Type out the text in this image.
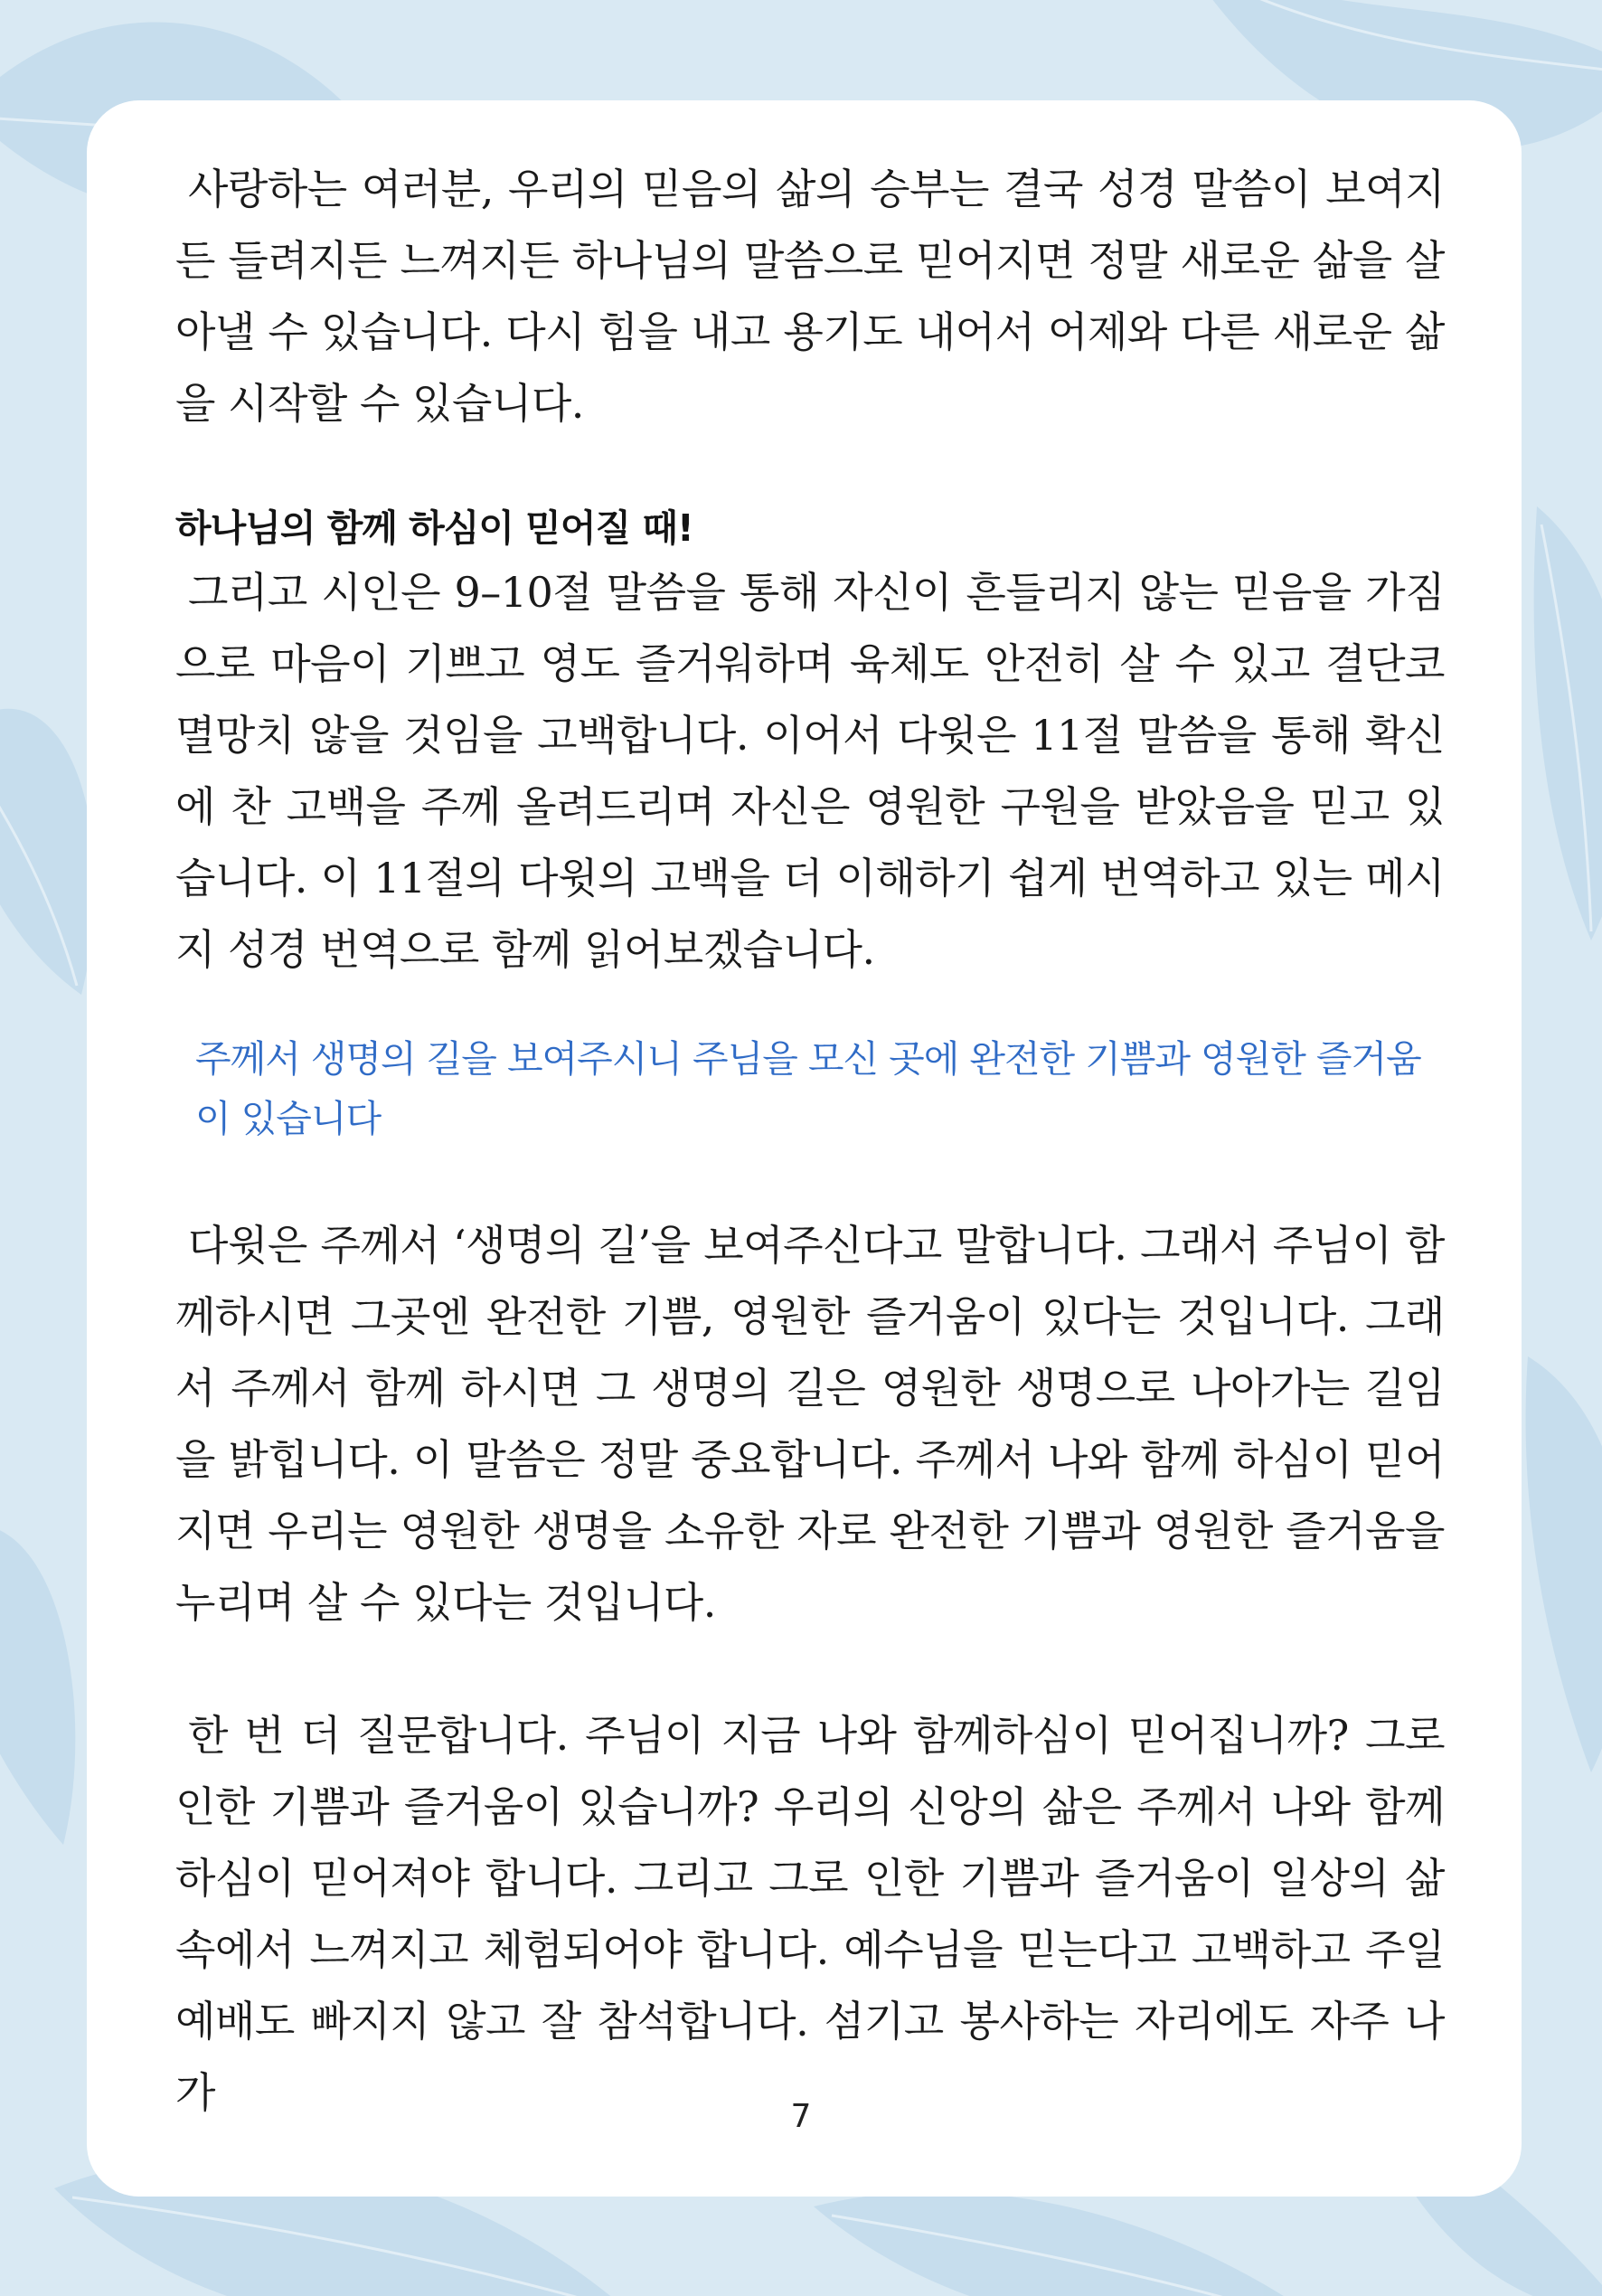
사랑하는 여러분, 우리의 믿음의 삶의 승부는 결국 성경 말씀이 보여지든 들려지든 느껴지든 하나님의 말씀으로 믿어지면 정말 새로운 삶을 살아낼 수 있습니다. 다시 힘을 내고 용기도 내어서 어제와 다른 새로운 삶을 시작할 수 있습니다.

하나님의 함께 하심이 믿어질 때!

그리고 시인은 9–10절 말씀을 통해 자신이 흔들리지 않는 믿음을 가짐으로 마음이 기쁘고 영도 즐거워하며 육체도 안전히 살 수 있고 결단코 멸망치 않을 것임을 고백합니다. 이어서 다윗은 11절 말씀을 통해 확신에 찬 고백을 주께 올려드리며 자신은 영원한 구원을 받았음을 믿고 있습니다. 이 11절의 다윗의 고백을 더 이해하기 쉽게 번역하고 있는 메시지 성경 번역으로 함께 읽어보겠습니다.

주께서 생명의 길을 보여주시니 주님을 모신 곳에 완전한 기쁨과 영원한 즐거움이 있습니다

다윗은 주께서 ‘생명의 길’을 보여주신다고 말합니다. 그래서 주님이 함께하시면 그곳엔 완전한 기쁨, 영원한 즐거움이 있다는 것입니다. 그래서 주께서 함께 하시면 그 생명의 길은 영원한 생명으로 나아가는 길임을 밝힙니다. 이 말씀은 정말 중요합니다. 주께서 나와 함께 하심이 믿어지면 우리는 영원한 생명을 소유한 자로 완전한 기쁨과 영원한 즐거움을 누리며 살 수 있다는 것입니다.

한 번 더 질문합니다. 주님이 지금 나와 함께하심이 믿어집니까? 그로 인한 기쁨과 즐거움이 있습니까? 우리의 신앙의 삶은 주께서 나와 함께 하심이 믿어져야 합니다. 그리고 그로 인한 기쁨과 즐거움이 일상의 삶 속에서 느껴지고 체험되어야 합니다. 예수님을 믿는다고 고백하고 주일 예배도 빠지지 않고 잘 참석합니다. 섬기고 봉사하는 자리에도 자주 나가	7
